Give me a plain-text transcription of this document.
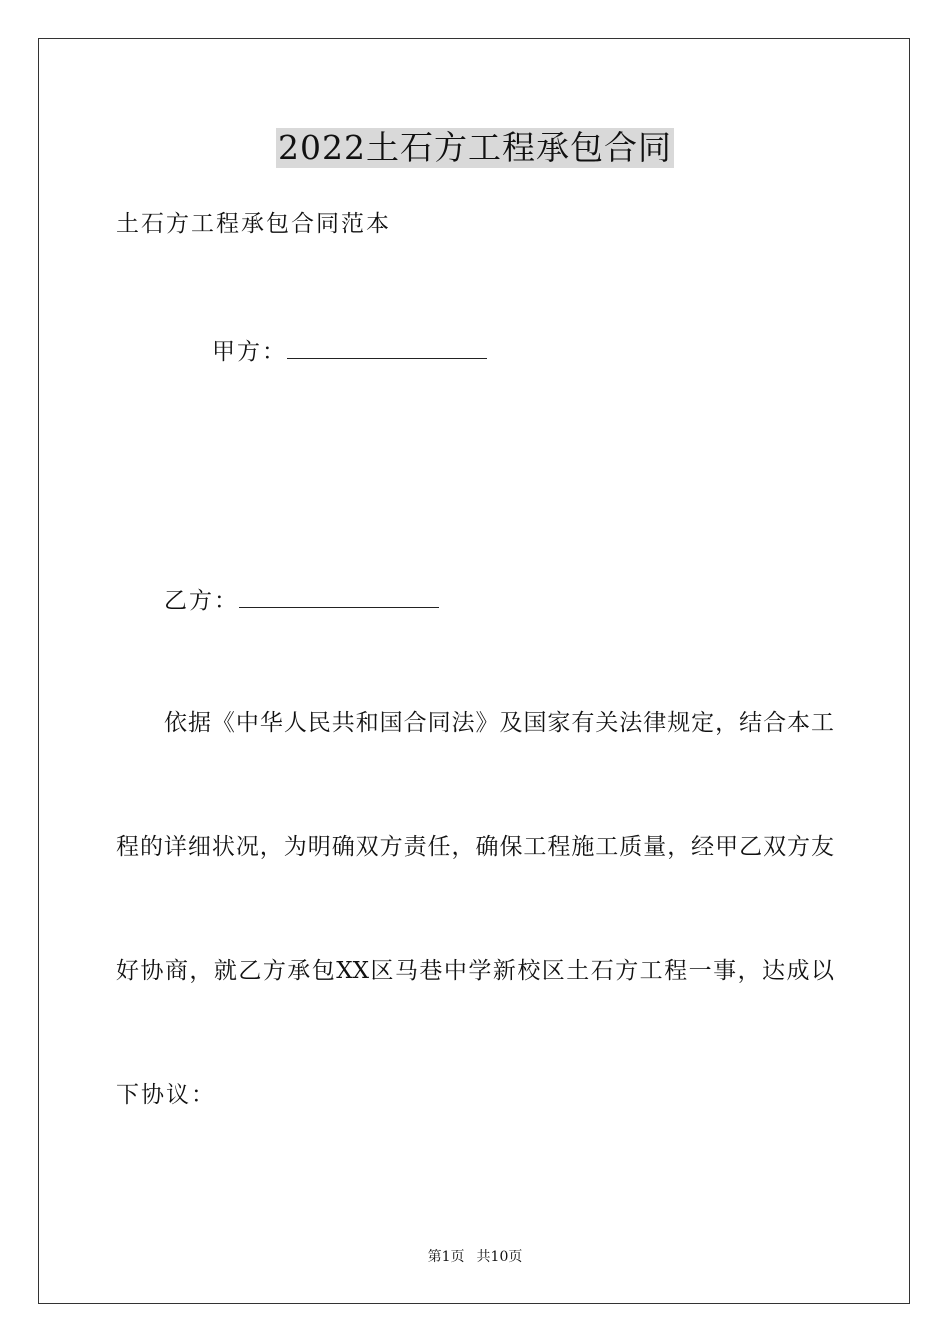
2022土石方工程承包合同
土石方工程承包合同范本
甲方：
乙方：
依据《中华人民共和国合同法》及国家有关法律规定，结合本工
程的详细状况，为明确双方责任，确保工程施工质量，经甲乙双方友
好协商，就乙方承包XX区马巷中学新校区土石方工程一事，达成以
下协议：
第1页 共10页
